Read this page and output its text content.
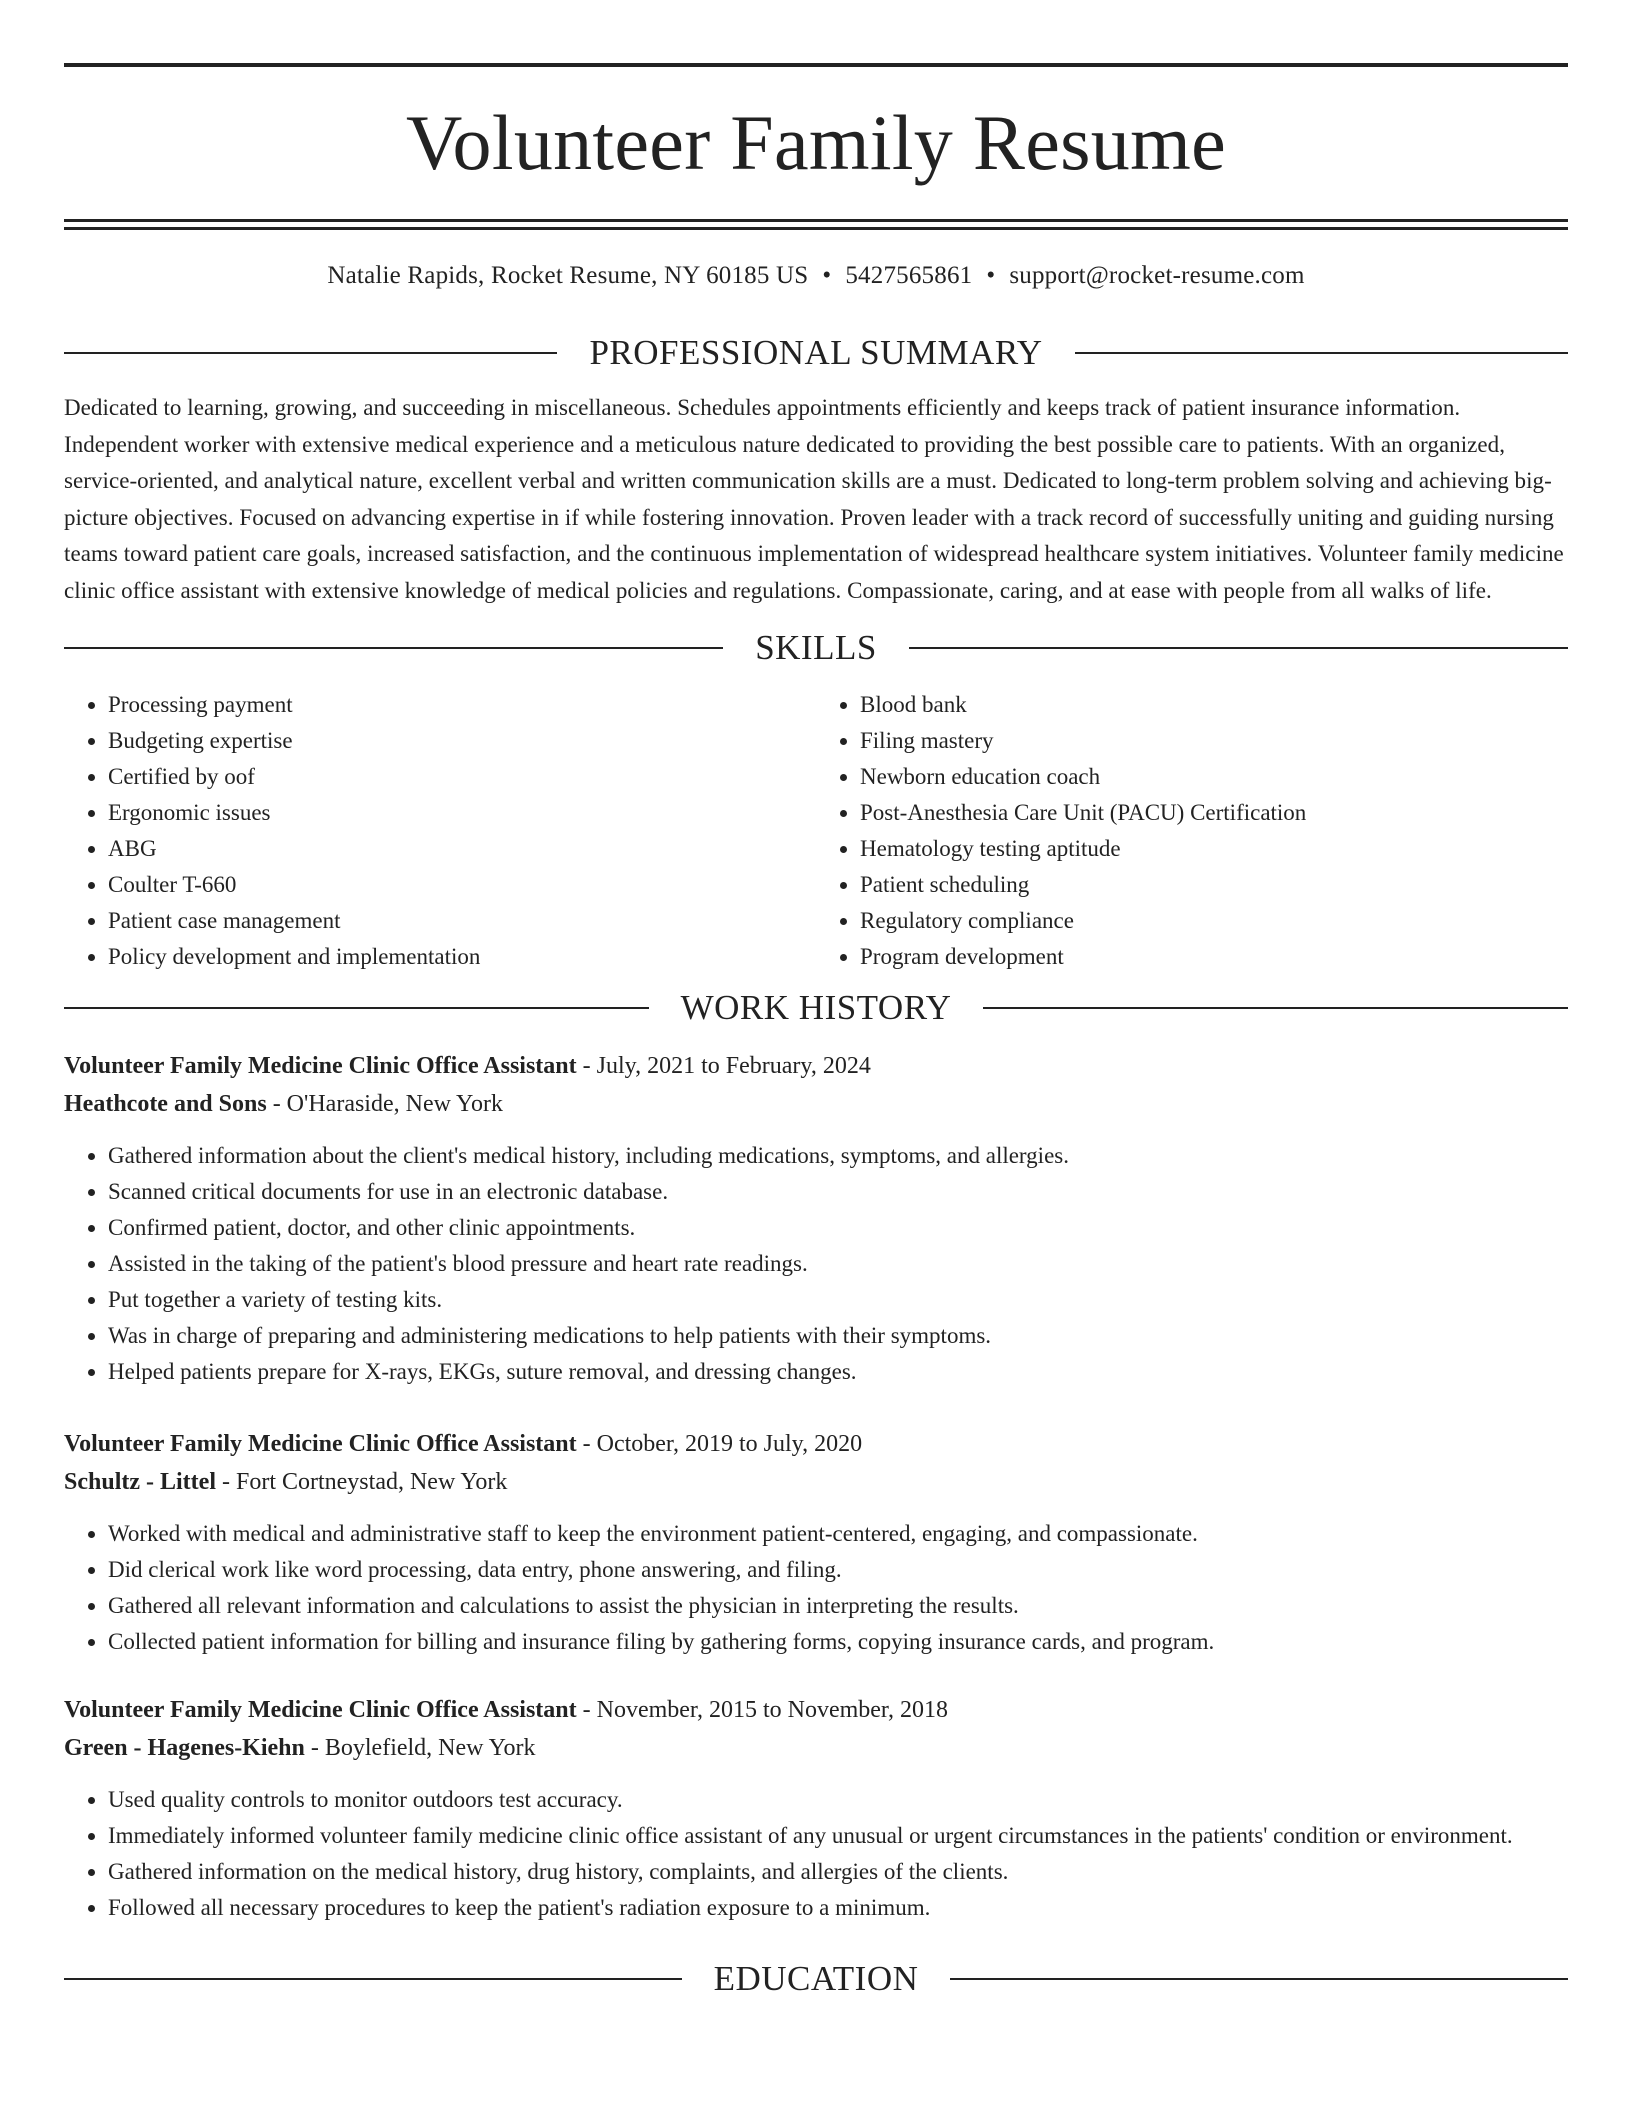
Volunteer Family Resume
Natalie Rapids, Rocket Resume, NY 60185 US • 5427565861 • support@rocket-resume.com
PROFESSIONAL SUMMARY
Dedicated to learning, growing, and succeeding in miscellaneous. Schedules appointments efficiently and keeps track of patient insurance information. Independent worker with extensive medical experience and a meticulous nature dedicated to providing the best possible care to patients. With an organized, service-oriented, and analytical nature, excellent verbal and written communication skills are a must. Dedicated to long-term problem solving and achieving big-picture objectives. Focused on advancing expertise in if while fostering innovation. Proven leader with a track record of successfully uniting and guiding nursing teams toward patient care goals, increased satisfaction, and the continuous implementation of widespread healthcare system initiatives. Volunteer family medicine clinic office assistant with extensive knowledge of medical policies and regulations. Compassionate, caring, and at ease with people from all walks of life.
SKILLS
• Processing payment
• Budgeting expertise
• Certified by oof
• Ergonomic issues
• ABG
• Coulter T-660
• Patient case management
• Policy development and implementation
• Blood bank
• Filing mastery
• Newborn education coach
• Post-Anesthesia Care Unit (PACU) Certification
• Hematology testing aptitude
• Patient scheduling
• Regulatory compliance
• Program development
WORK HISTORY
Volunteer Family Medicine Clinic Office Assistant - July, 2021 to February, 2024
Heathcote and Sons - O'Haraside, New York
• Gathered information about the client's medical history, including medications, symptoms, and allergies.
• Scanned critical documents for use in an electronic database.
• Confirmed patient, doctor, and other clinic appointments.
• Assisted in the taking of the patient's blood pressure and heart rate readings.
• Put together a variety of testing kits.
• Was in charge of preparing and administering medications to help patients with their symptoms.
• Helped patients prepare for X-rays, EKGs, suture removal, and dressing changes.
Volunteer Family Medicine Clinic Office Assistant - October, 2019 to July, 2020
Schultz - Littel - Fort Cortneystad, New York
• Worked with medical and administrative staff to keep the environment patient-centered, engaging, and compassionate.
• Did clerical work like word processing, data entry, phone answering, and filing.
• Gathered all relevant information and calculations to assist the physician in interpreting the results.
• Collected patient information for billing and insurance filing by gathering forms, copying insurance cards, and program.
Volunteer Family Medicine Clinic Office Assistant - November, 2015 to November, 2018
Green - Hagenes-Kiehn - Boylefield, New York
• Used quality controls to monitor outdoors test accuracy.
• Immediately informed volunteer family medicine clinic office assistant of any unusual or urgent circumstances in the patients' condition or environment.
• Gathered information on the medical history, drug history, complaints, and allergies of the clients.
• Followed all necessary procedures to keep the patient's radiation exposure to a minimum.
EDUCATION
